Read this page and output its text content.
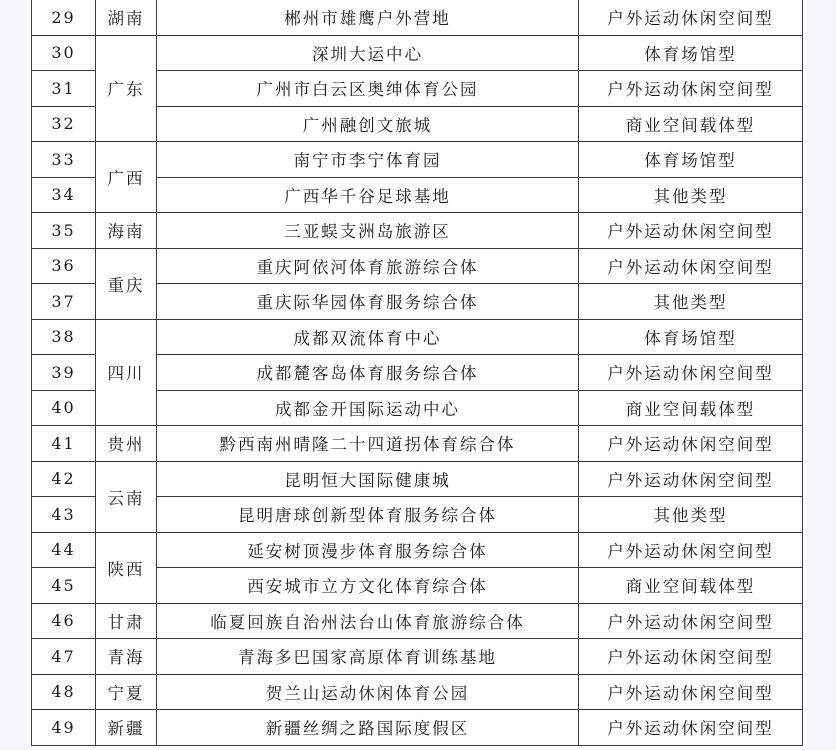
29	湖南	郴州市雄鹰户外营地	户外运动休闲空间型
30	广东	深圳大运中心	体育场馆型
31		广州市白云区奥绅体育公园	户外运动休闲空间型
32		广州融创文旅城	商业空间载体型
33	广西	南宁市李宁体育园	体育场馆型
34		广西华千谷足球基地	其他类型
35	海南	三亚蜈支洲岛旅游区	户外运动休闲空间型
36	重庆	重庆阿依河体育旅游综合体	户外运动休闲空间型
37		重庆际华园体育服务综合体	其他类型
38	四川	成都双流体育中心	体育场馆型
39		成都麓客岛体育服务综合体	户外运动休闲空间型
40		成都金开国际运动中心	商业空间载体型
41	贵州	黔西南州晴隆二十四道拐体育综合体	户外运动休闲空间型
42	云南	昆明恒大国际健康城	户外运动休闲空间型
43		昆明唐球创新型体育服务综合体	其他类型
44	陕西	延安树顶漫步体育服务综合体	户外运动休闲空间型
45		西安城市立方文化体育综合体	商业空间载体型
46	甘肃	临夏回族自治州法台山体育旅游综合体	户外运动休闲空间型
47	青海	青海多巴国家高原体育训练基地	户外运动休闲空间型
48	宁夏	贺兰山运动休闲体育公园	户外运动休闲空间型
49	新疆	新疆丝绸之路国际度假区	户外运动休闲空间型
